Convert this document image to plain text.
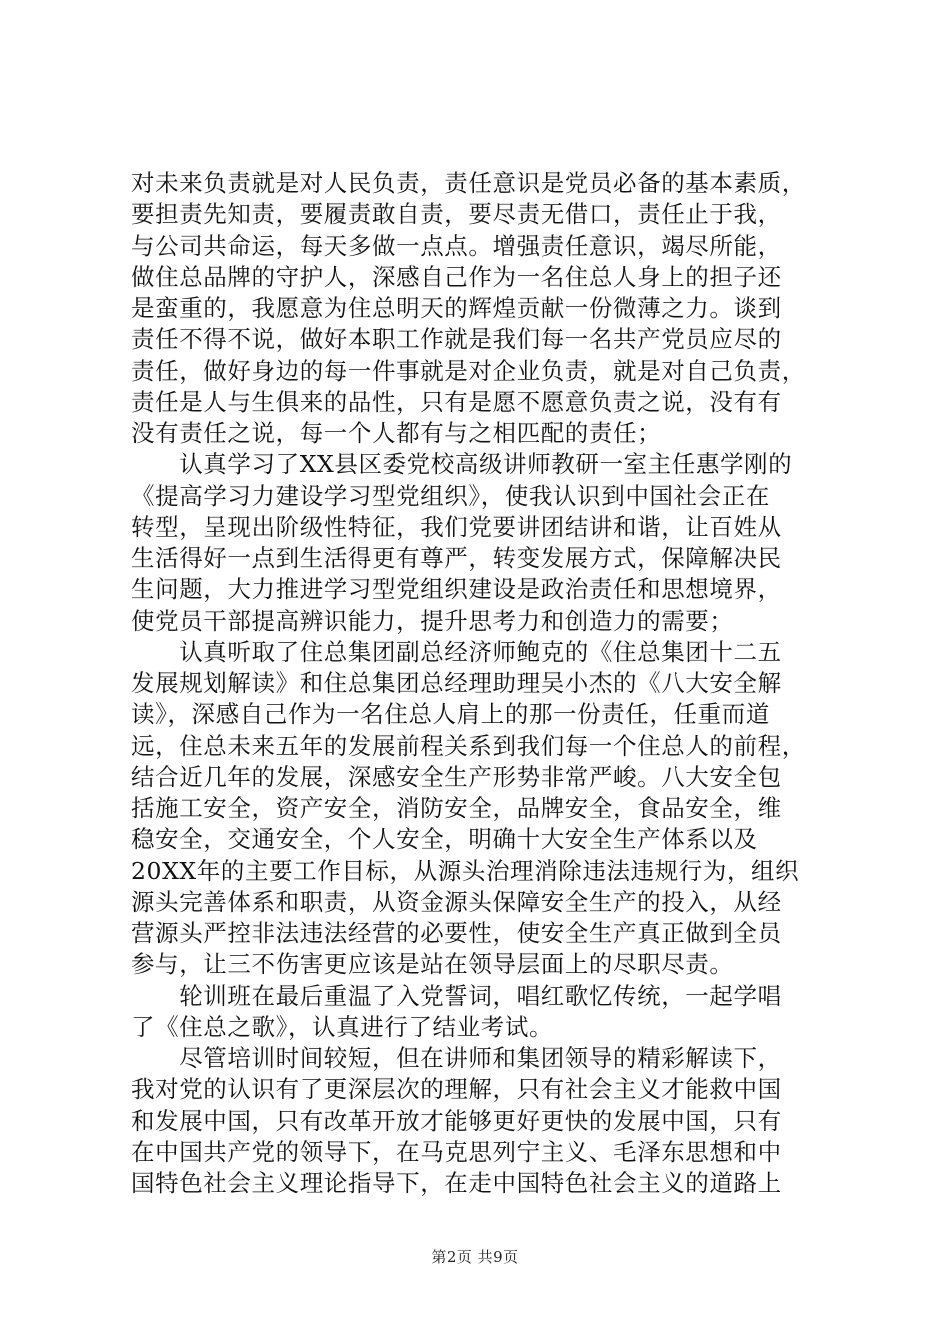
对未来负责就是对人民负责，责任意识是党员必备的基本素质，
要担责先知责，要履责敢自责，要尽责无借口，责任止于我，
与公司共命运，每天多做一点点。增强责任意识，竭尽所能，
做住总品牌的守护人，深感自己作为一名住总人身上的担子还
是蛮重的，我愿意为住总明天的辉煌贡献一份微薄之力。谈到
责任不得不说，做好本职工作就是我们每一名共产党员应尽的
责任，做好身边的每一件事就是对企业负责，就是对自己负责，
责任是人与生俱来的品性，只有是愿不愿意负责之说，没有有
没有责任之说，每一个人都有与之相匹配的责任；
　　认真学习了XX县区委党校高级讲师教研一室主任惠学刚的
《提高学习力建设学习型党组织》，使我认识到中国社会正在
转型，呈现出阶级性特征，我们党要讲团结讲和谐，让百姓从
生活得好一点到生活得更有尊严，转变发展方式，保障解决民
生问题，大力推进学习型党组织建设是政治责任和思想境界，
使党员干部提高辨识能力，提升思考力和创造力的需要；
　　认真听取了住总集团副总经济师鲍克的《住总集团十二五
发展规划解读》和住总集团总经理助理吴小杰的《八大安全解
读》，深感自己作为一名住总人肩上的那一份责任，任重而道
远，住总未来五年的发展前程关系到我们每一个住总人的前程，
结合近几年的发展，深感安全生产形势非常严峻。八大安全包
括施工安全，资产安全，消防安全，品牌安全，食品安全，维
稳安全，交通安全，个人安全，明确十大安全生产体系以及
20XX年的主要工作目标，从源头治理消除违法违规行为，组织
源头完善体系和职责，从资金源头保障安全生产的投入，从经
营源头严控非法违法经营的必要性，使安全生产真正做到全员
参与，让三不伤害更应该是站在领导层面上的尽职尽责。
　　轮训班在最后重温了入党誓词，唱红歌忆传统，一起学唱
了《住总之歌》，认真进行了结业考试。
　　尽管培训时间较短，但在讲师和集团领导的精彩解读下，
我对党的认识有了更深层次的理解，只有社会主义才能救中国
和发展中国，只有改革开放才能够更好更快的发展中国，只有
在中国共产党的领导下，在马克思列宁主义、毛泽东思想和中
国特色社会主义理论指导下，在走中国特色社会主义的道路上
第2页 共9页
